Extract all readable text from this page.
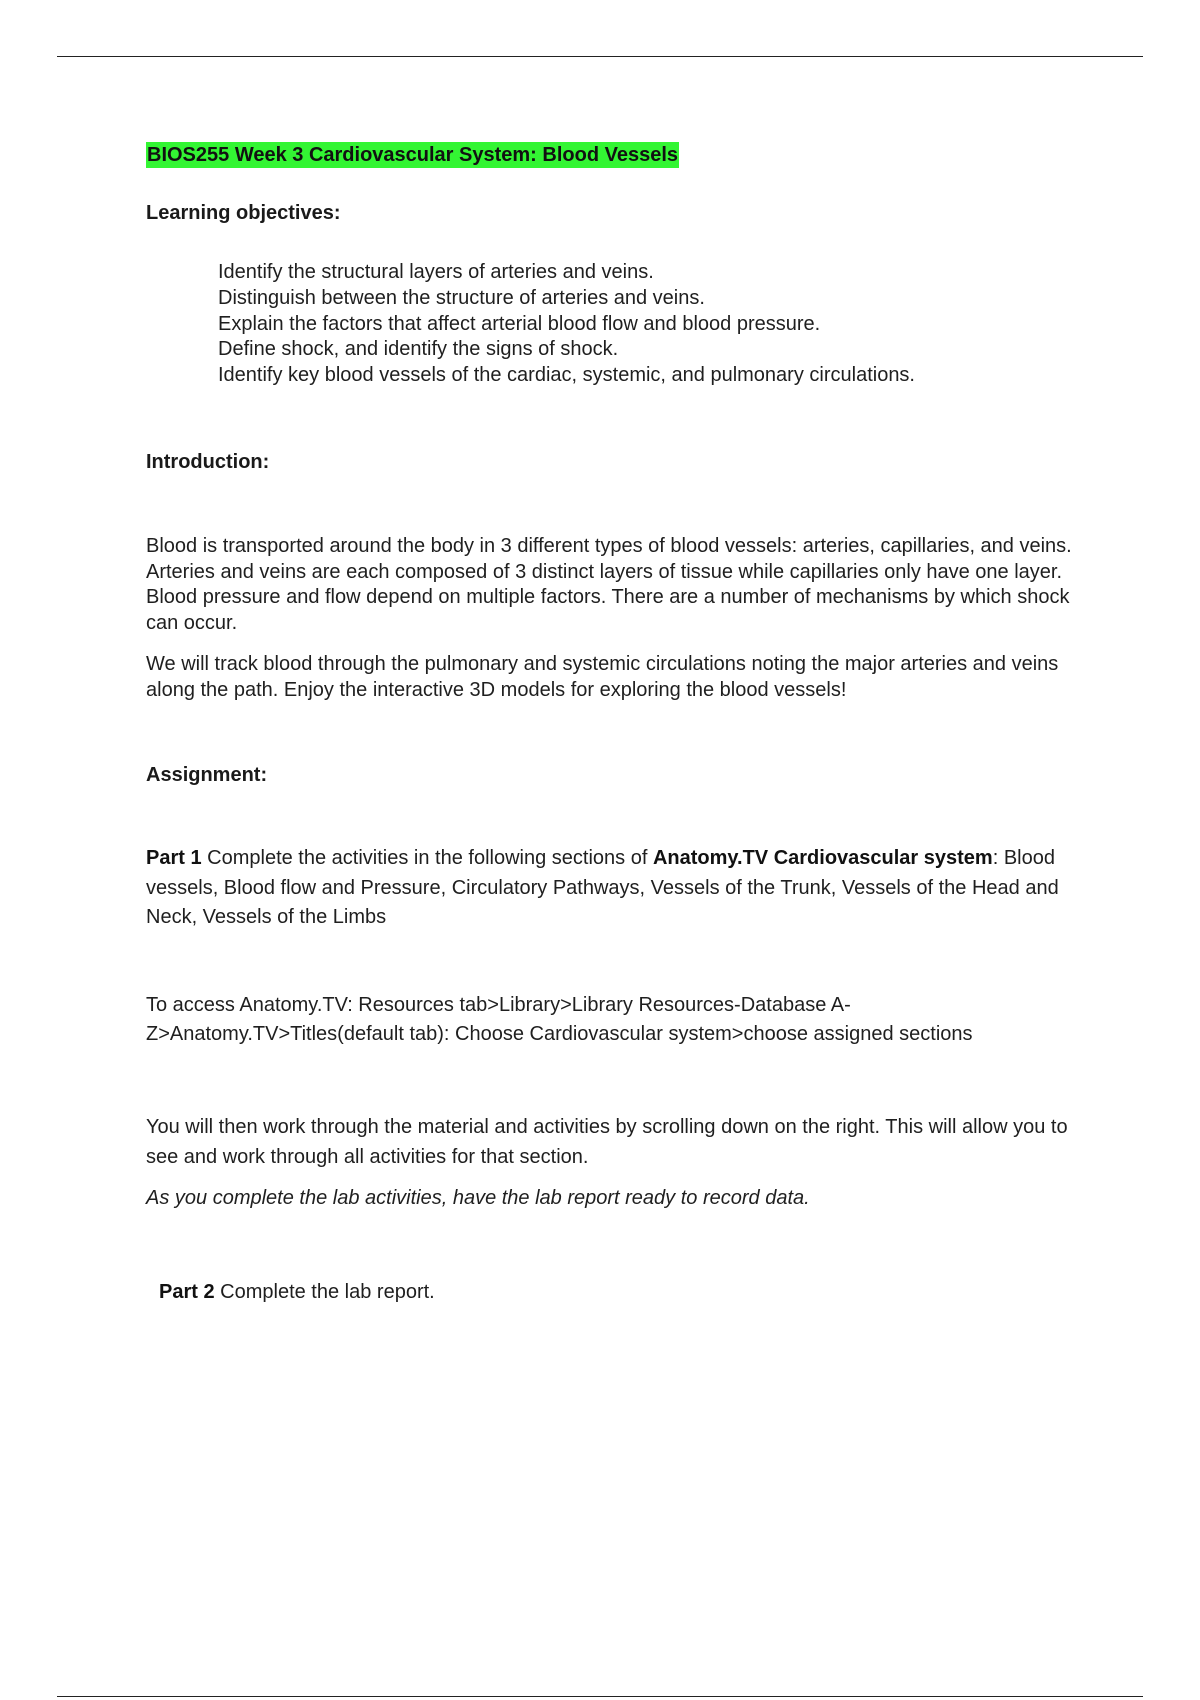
BIOS255 Week 3 Cardiovascular System: Blood Vessels
Learning objectives:
Identify the structural layers of arteries and veins.
Distinguish between the structure of arteries and veins.
Explain the factors that affect arterial blood flow and blood pressure.
Define shock, and identify the signs of shock.
Identify key blood vessels of the cardiac, systemic, and pulmonary circulations.
Introduction:

Blood is transported around the body in 3 different types of blood vessels: arteries, capillaries, and veins. Arteries and veins are each composed of 3 distinct layers of tissue while capillaries only have one layer. Blood pressure and flow depend on multiple factors. There are a number of mechanisms by which shock can occur.

We will track blood through the pulmonary and systemic circulations noting the major arteries and veins along the path. Enjoy the interactive 3D models for exploring the blood vessels!

Assignment:

Part 1 Complete the activities in the following sections of Anatomy.TV Cardiovascular system: Blood vessels, Blood flow and Pressure, Circulatory Pathways, Vessels of the Trunk, Vessels of the Head and Neck, Vessels of the Limbs

To access Anatomy.TV: Resources tab>Library>Library Resources-Database A-Z>Anatomy.TV>Titles(default tab): Choose Cardiovascular system>choose assigned sections

You will then work through the material and activities by scrolling down on the right. This will allow you to see and work through all activities for that section.

As you complete the lab activities, have the lab report ready to record data.

Part 2 Complete the lab report.
